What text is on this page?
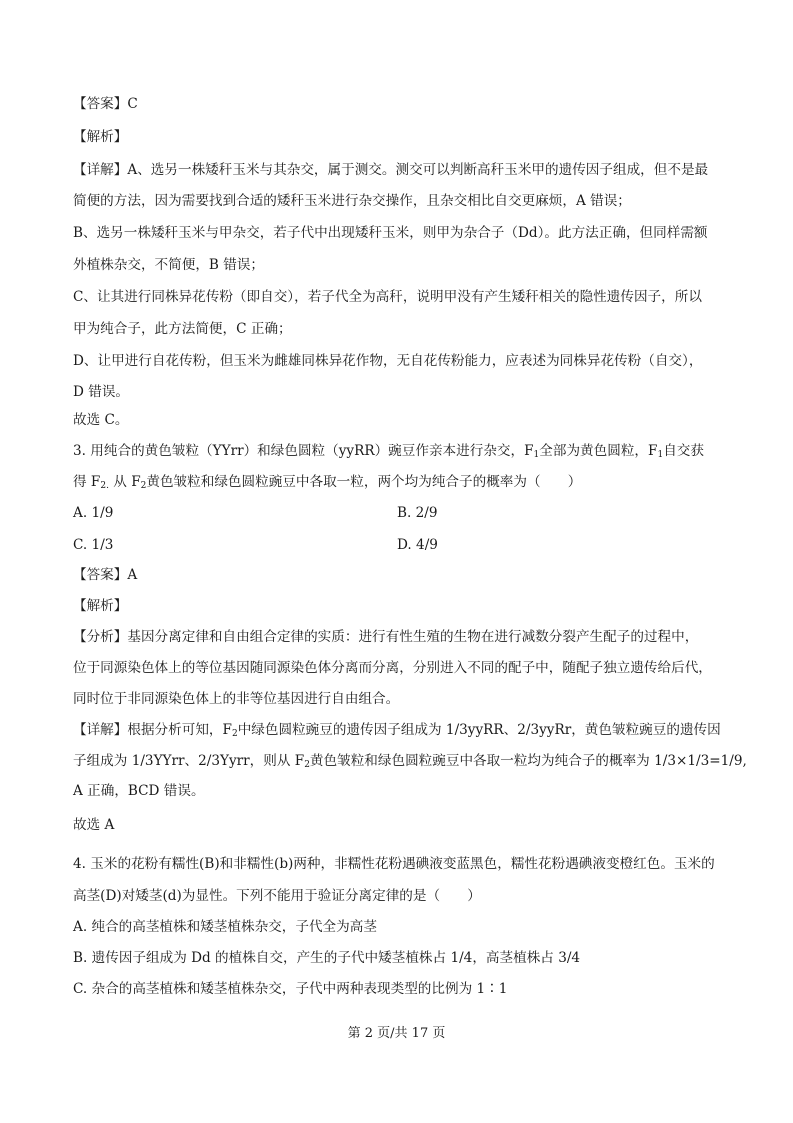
【答案】C
【解析】
【详解】A、选另一株矮秆玉米与其杂交，属于测交。测交可以判断高秆玉米甲的遗传因子组成，但不是最
简便的方法，因为需要找到合适的矮秆玉米进行杂交操作，且杂交相比自交更麻烦，A 错误；
B、选另一株矮秆玉米与甲杂交，若子代中出现矮秆玉米，则甲为杂合子（Dd）。此方法正确，但同样需额
外植株杂交，不简便，B 错误；
C、让其进行同株异花传粉（即自交），若子代全为高秆，说明甲没有产生矮秆相关的隐性遗传因子，所以
甲为纯合子，此方法简便，C 正确；
D、让甲进行自花传粉，但玉米为雌雄同株异花作物，无自花传粉能力，应表述为同株异花传粉（自交），
D 错误。
故选 C。
3. 用纯合的黄色皱粒（YYrr）和绿色圆粒（yyRR）豌豆作亲本进行杂交，$F_1$全部为黄色圆粒，$F_1$自交获
得 $F_{2.}$ 从 $F_2$黄色皱粒和绿色圆粒豌豆中各取一粒，两个均为纯合子的概率为（　　）
A. 1/9	B. 2/9
C. 1/3	D. 4/9
【答案】A
【解析】
【分析】基因分离定律和自由组合定律的实质：进行有性生殖的生物在进行减数分裂产生配子的过程中，
位于同源染色体上的等位基因随同源染色体分离而分离，分别进入不同的配子中，随配子独立遗传给后代，
同时位于非同源染色体上的非等位基因进行自由组合。
【详解】根据分析可知，$F_2$中绿色圆粒豌豆的遗传因子组成为 1/3yyRR、2/3yyRr，黄色皱粒豌豆的遗传因
子组成为 1/3YYrr、2/3Yyrr，则从 $F_2$黄色皱粒和绿色圆粒豌豆中各取一粒均为纯合子的概率为 1/3×1/3=1/9,
A 正确，BCD 错误。
故选 A
4. 玉米的花粉有糯性(B)和非糯性(b)两种，非糯性花粉遇碘液变蓝黑色，糯性花粉遇碘液变橙红色。玉米的
高茎(D)对矮茎(d)为显性。下列不能用于验证分离定律的是（　　）
A. 纯合的高茎植株和矮茎植株杂交，子代全为高茎
B. 遗传因子组成为 Dd 的植株自交，产生的子代中矮茎植株占 1/4，高茎植株占 3/4
C. 杂合的高茎植株和矮茎植株杂交，子代中两种表现类型的比例为 1∶1
第 2 页/共 17 页
